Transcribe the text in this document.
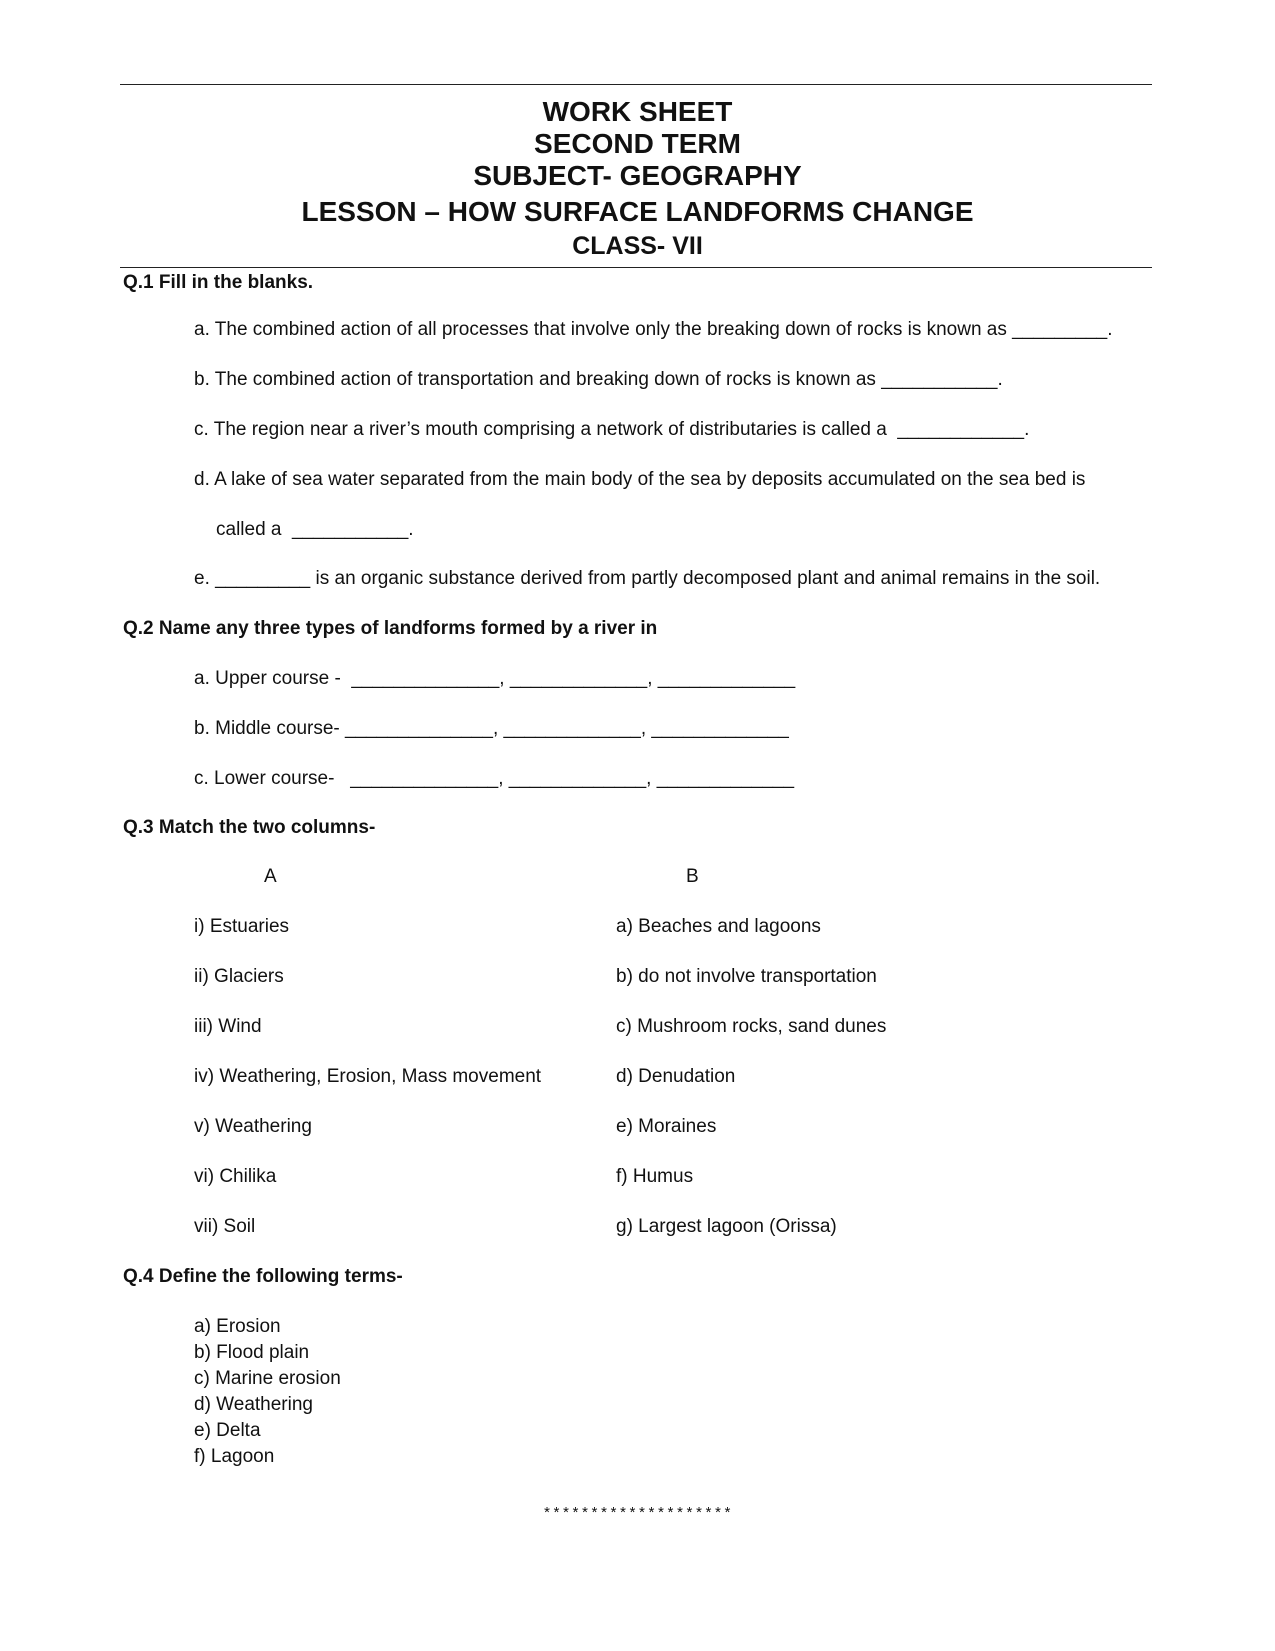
WORK SHEET
SECOND TERM
SUBJECT- GEOGRAPHY
LESSON – HOW SURFACE LANDFORMS CHANGE
CLASS- VII
Q.1 Fill in the blanks.
a. The combined action of all processes that involve only the breaking down of rocks is known as _________.
b. The combined action of transportation and breaking down of rocks is known as ___________.
c. The region near a river’s mouth comprising a network of distributaries is called a  ____________.
d. A lake of sea water separated from the main body of the sea by deposits accumulated on the sea bed is
called a  ___________.
e. _________ is an organic substance derived from partly decomposed plant and animal remains in the soil.
Q.2 Name any three types of landforms formed by a river in
a. Upper course -  ______________, _____________, _____________
b. Middle course- ______________, _____________, _____________
c. Lower course-   ______________, _____________, _____________
Q.3 Match the two columns-
A	B
i) Estuaries
ii) Glaciers
iii) Wind
iv) Weathering, Erosion, Mass movement
v) Weathering
vi) Chilika
vii) Soil
a) Beaches and lagoons
b) do not involve transportation
c) Mushroom rocks, sand dunes
d) Denudation
e) Moraines
f) Humus
g) Largest lagoon (Orissa)
Q.4 Define the following terms-
a) Erosion
b) Flood plain
c) Marine erosion
d) Weathering
e) Delta
f) Lagoon
********************
